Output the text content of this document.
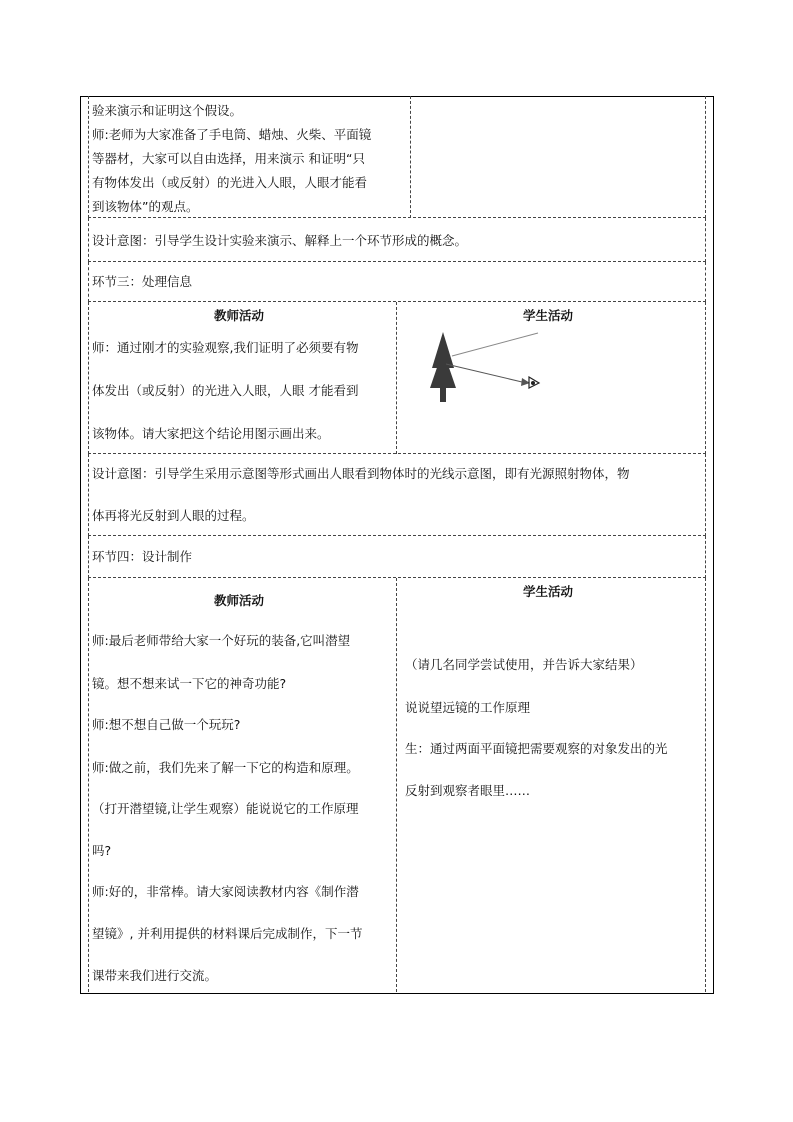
验来演示和证明这个假设。
师:老师为大家准备了手电筒、蜡烛、火柴、平面镜
等器材，大家可以自由选择，用来演示 和证明“只
有物体发出（或反射）的光进入人眼，人眼才能看
到该物体”的观点。
设计意图：引导学生设计实验来演示、解释上一个环节形成的概念。
环节三：处理信息
教师活动	学生活动
师：通过刚才的实验观察,我们证明了必须要有物
体发出（或反射）的光进入人眼，人眼 才能看到
该物体。请大家把这个结论用图示画出来。
设计意图：引导学生采用示意图等形式画出人眼看到物体时的光线示意图，即有光源照射物体，物
体再将光反射到人眼的过程。
环节四：设计制作
教师活动
学生活动
师:最后老师带给大家一个好玩的装备,它叫潜望
镜。想不想来试一下它的神奇功能?
师:想不想自己做一个玩玩?
师:做之前，我们先来了解一下它的构造和原理。
（打开潜望镜,让学生观察）能说说它的工作原理
吗?
师:好的，非常棒。请大家阅读教材内容《制作潜
望镜》, 并利用提供的材料课后完成制作，下一节
课带来我们进行交流。
（请几名同学尝试使用，并告诉大家结果）
说说望远镜的工作原理
生：通过两面平面镜把需要观察的对象发出的光
反射到观察者眼里……
